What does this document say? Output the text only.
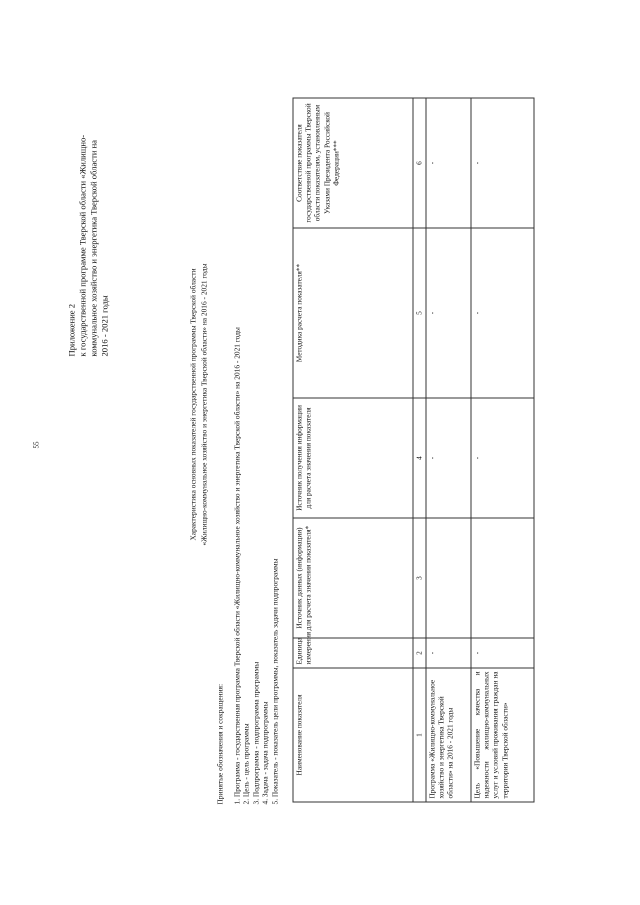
55
Приложение 2 к государственной программе Тверской области «Жилищно- коммунальное хозяйство и энергетика Тверской области на 2016 - 2021 годы	Характеристика основных показателей государственной программы Тверской области «Жилищно-коммунальное хозяйство и энергетика Тверской области» на 2016 - 2021 годы
Принятые обозначения и сокращения: 1. Программа - государственная программа Тверской области «Жилищно-коммунальное хозяйство и энергетика Тверской области» на 2016 - 2021 годы 2. Цель - цель программы 3. Подпрограмма - подпрограмма программы 4. Задача - задача подпрограммы 5. Показатель - показатель цели программы, показатель задачи подпрограммы Наименование показателя	Единица измерения	Источник данных (информации) для расчета значения показателя*	Источник получения информации для расчета значения показателя	Методика расчета показателя**	Соответствие показателя государственной программы Тверской области показателям, установленным Указами Президента Российской Федерации***
1	2	3	4	5	6
Программа «Жилищно-коммунальное хозяйство и энергетика Тверской области» на 2016 - 2021 годы	-		-	-	-
Цель «Повышение качества и надежности жилищно-коммунальных услуг и условий проживания граждан на территории Тверской области»	-		-	-	-
